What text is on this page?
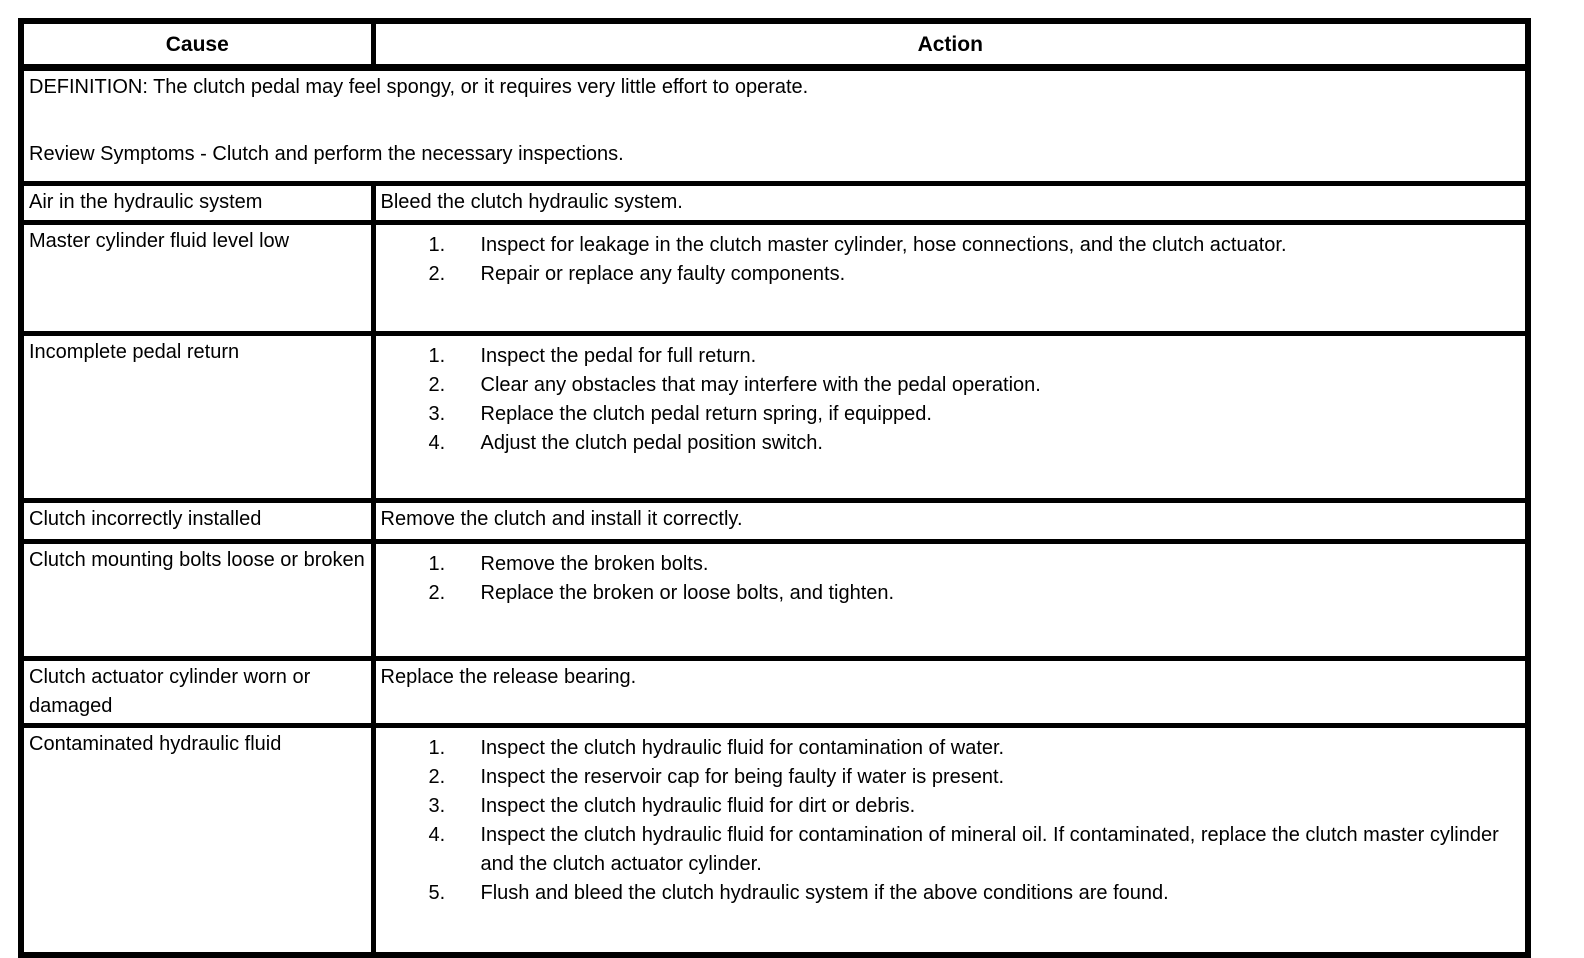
Cause	Action

DEFINITION: The clutch pedal may feel spongy, or it requires very little effort to operate.
Review Symptoms - Clutch and perform the necessary inspections.	

Air in the hydraulic system	Bleed the clutch hydraulic system.

Master cylinder fluid level low	Inspect for leakage in the clutch master cylinder, hose connections, and the clutch actuator.
Repair or replace any faulty components.

Incomplete pedal return	Inspect the pedal for full return.
Clear any obstacles that may interfere with the pedal operation.
Replace the clutch pedal return spring, if equipped.
Adjust the clutch pedal position switch.

Clutch incorrectly installed	Remove the clutch and install it correctly.

Clutch mounting bolts loose or broken	Remove the broken bolts.
Replace the broken or loose bolts, and tighten.

Clutch actuator cylinder worn or damaged	Replace the release bearing.

Contaminated hydraulic fluid	Inspect the clutch hydraulic fluid for contamination of water.
Inspect the reservoir cap for being faulty if water is present.
Inspect the clutch hydraulic fluid for dirt or debris.
Inspect the clutch hydraulic fluid for contamination of mineral oil. If contaminated, replace the clutch master cylinder and the clutch actuator cylinder.
Flush and bleed the clutch hydraulic system if the above conditions are found.
